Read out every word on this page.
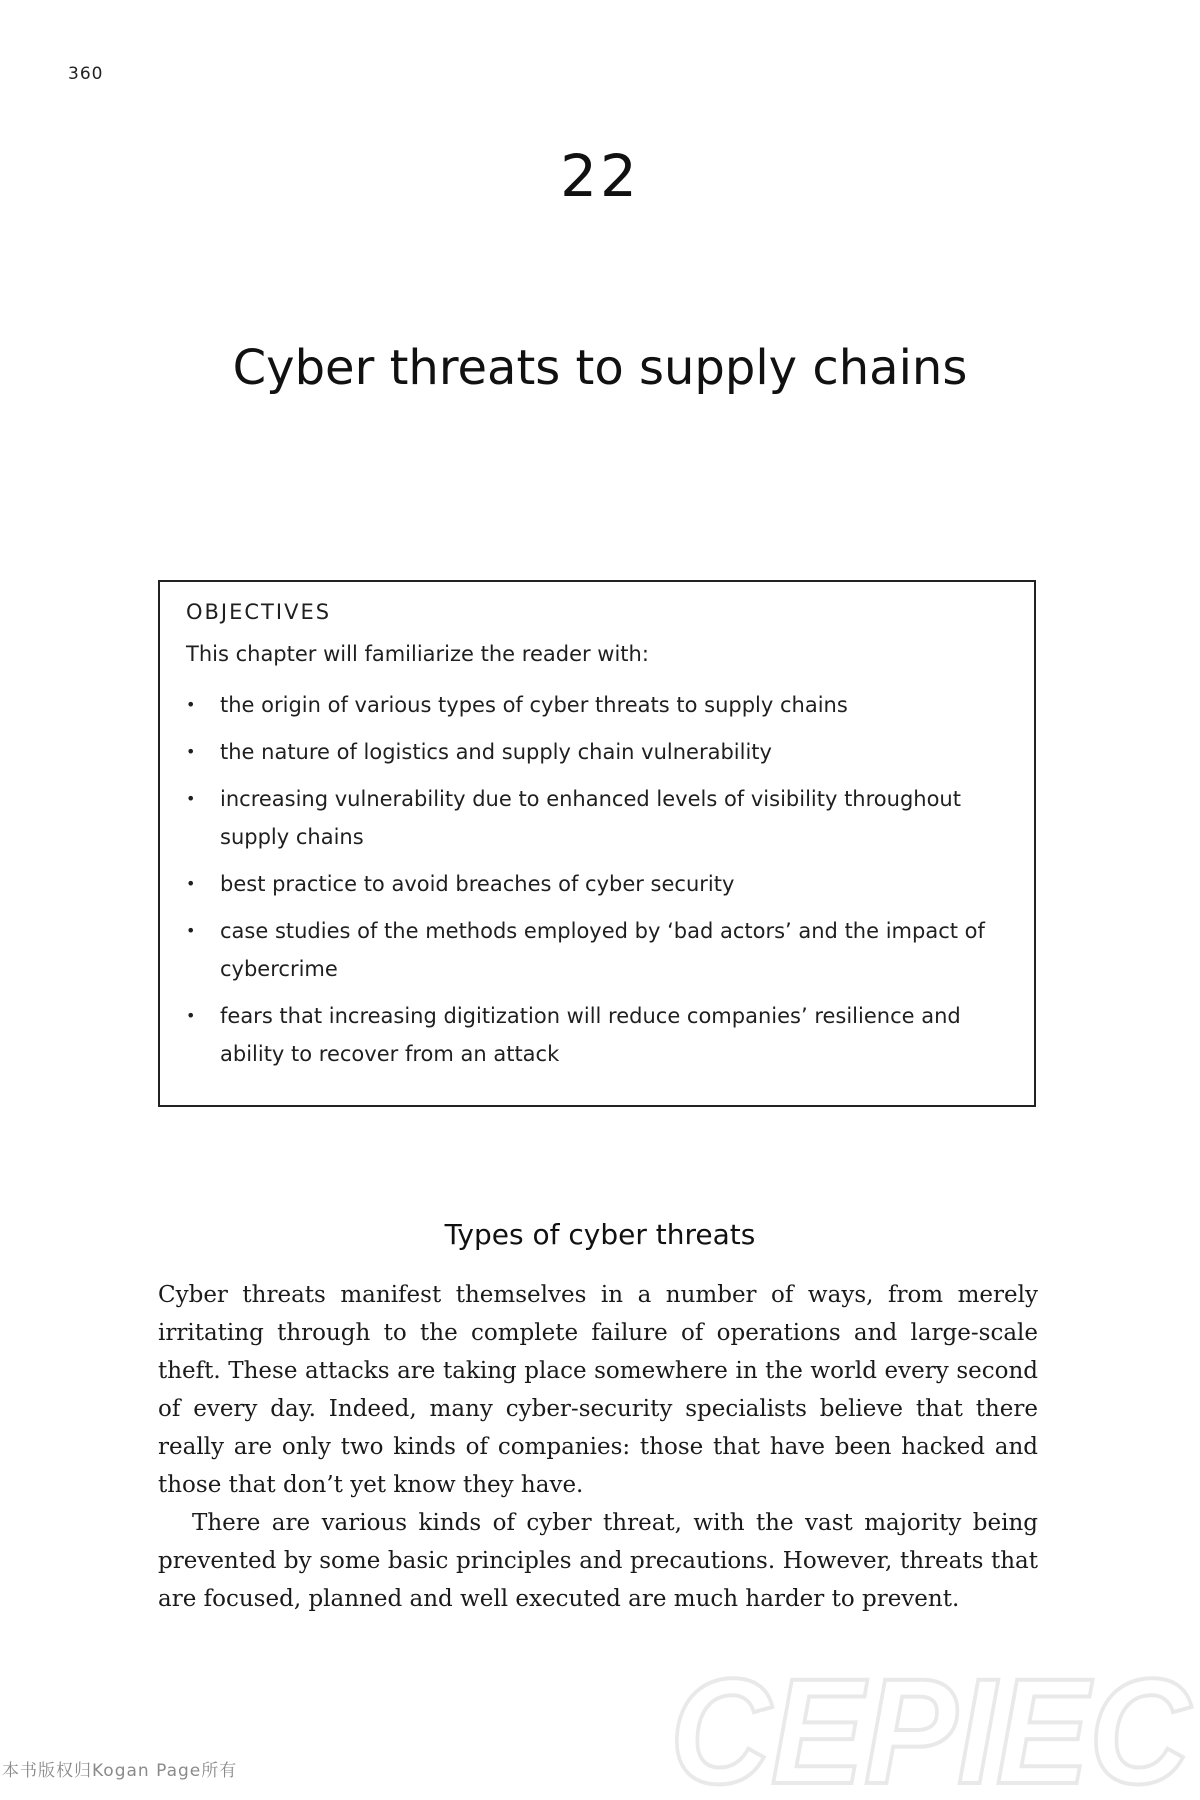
360
22
Cyber threats to supply chains
OBJECTIVES
This chapter will familiarize the reader with:
• the origin of various types of cyber threats to supply chains
• the nature of logistics and supply chain vulnerability
• increasing vulnerability due to enhanced levels of visibility throughout supply chains
• best practice to avoid breaches of cyber security
• case studies of the methods employed by ‘bad actors’ and the impact of cybercrime
• fears that increasing digitization will reduce companies’ resilience and ability to recover from an attack
Types of cyber threats

Cyber threats manifest themselves in a number of ways, from merely irritating through to the complete failure of operations and large-scale theft. These attacks are taking place somewhere in the world every second of every day. Indeed, many cyber-security specialists believe that there really are only two kinds of companies: those that have been hacked and those that don’t yet know they have.

There are various kinds of cyber threat, with the vast majority being prevented by some basic principles and precautions. However, threats that are focused, planned and well executed are much harder to prevent.

本书版权归Kogan Page所有	CEPIEC
